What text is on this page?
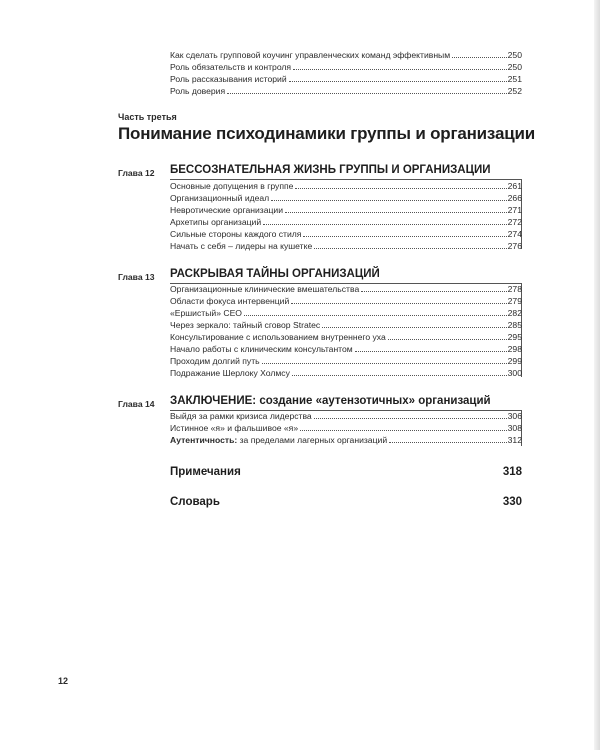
Как сделать групповой коучинг управленческих команд эффективным	250
Роль обязательств и контроля	250
Роль рассказывания историй	251
Роль доверия	252
Часть третья
Понимание психодинамики группы и организации
Глава 12 БЕССОЗНАТЕЛЬНАЯ ЖИЗНЬ ГРУППЫ И ОРГАНИЗАЦИИ
Основные допущения в группе	261
Организационный идеал	266
Невротические организации	271
Архетипы организаций	272
Сильные стороны каждого стиля	274
Начать с себя – лидеры на кушетке	276
Глава 13 РАСКРЫВАЯ ТАЙНЫ ОРГАНИЗАЦИЙ
Организационные клинические вмешательства	278
Области фокуса интервенций	279
«Ершистый» CEO	282
Через зеркало: тайный сговор Stratec	285
Консультирование с использованием внутреннего уха	295
Начало работы с клиническим консультантом	298
Проходим долгий путь	299
Подражание Шерлоку Холмсу	300
Глава 14 ЗАКЛЮЧЕНИЕ: создание «аутензотичных» организаций
Выйдя за рамки кризиса лидерства	306
Истинное «я» и фальшивое «я»	308
Аутентичность: за пределами лагерных организаций	312
Примечания	318
Словарь	330
12
